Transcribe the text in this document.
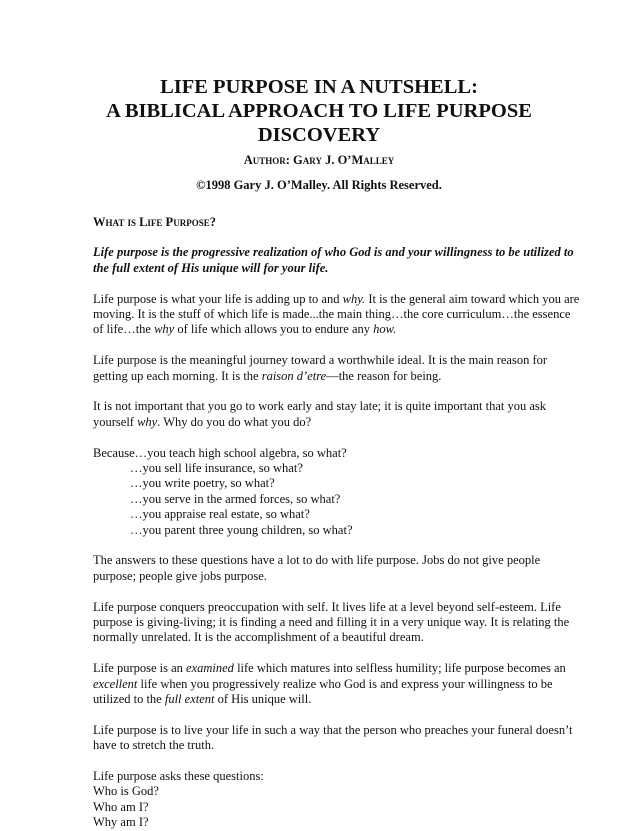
LIFE PURPOSE IN A NUTSHELL:
A BIBLICAL APPROACH TO LIFE PURPOSE
DISCOVERY
Author: Gary J. O’Malley
©1998 Gary J. O’Malley. All Rights Reserved.
What is Life Purpose?
Life purpose is the progressive realization of who God is and your willingness to be utilized to
the full extent of His unique will for your life.
Life purpose is what your life is adding up to and why. It is the general aim toward which you are
moving. It is the stuff of which life is made...the main thing…the core curriculum…the essence
of life…the why of life which allows you to endure any how.
Life purpose is the meaningful journey toward a worthwhile ideal. It is the main reason for
getting up each morning. It is the raison d’etre—the reason for being.
It is not important that you go to work early and stay late; it is quite important that you ask
yourself why. Why do you do what you do?
Because…you teach high school algebra, so what?
…you sell life insurance, so what?
…you write poetry, so what?
…you serve in the armed forces, so what?
…you appraise real estate, so what?
…you parent three young children, so what?
The answers to these questions have a lot to do with life purpose. Jobs do not give people
purpose; people give jobs purpose.
Life purpose conquers preoccupation with self. It lives life at a level beyond self-esteem. Life
purpose is giving-living; it is finding a need and filling it in a very unique way. It is relating the
normally unrelated. It is the accomplishment of a beautiful dream.
Life purpose is an examined life which matures into selfless humility; life purpose becomes an
excellent life when you progressively realize who God is and express your willingness to be
utilized to the full extent of His unique will.
Life purpose is to live your life in such a way that the person who preaches your funeral doesn’t
have to stretch the truth.
Life purpose asks these questions:
Who is God?
Who am I?
Why am I?
